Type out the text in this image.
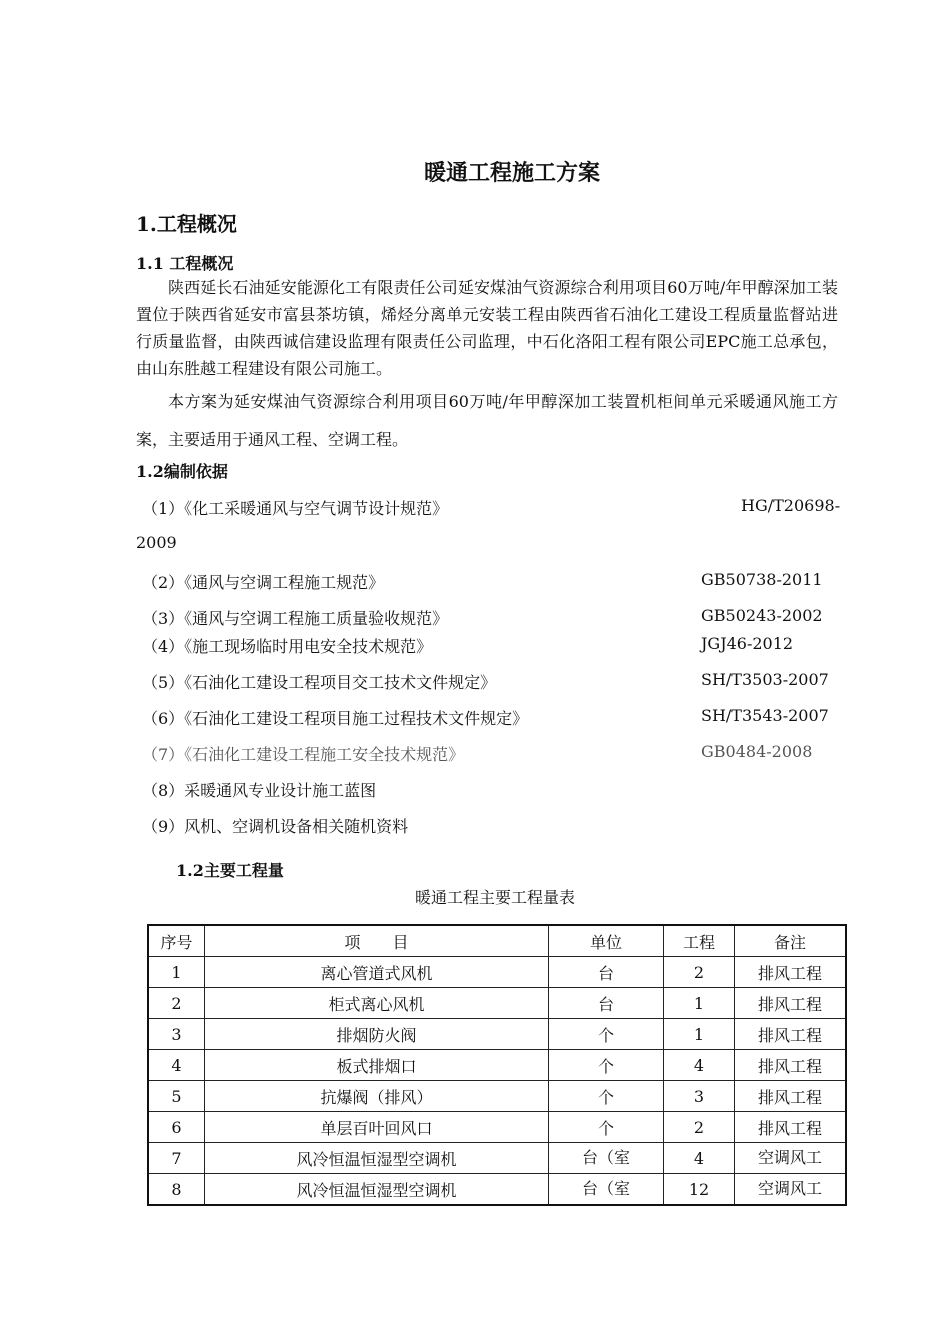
暖通工程施工方案
1.工程概况
1.1 工程概况
陕西延长石油延安能源化工有限责任公司延安煤油气资源综合利用项目60万吨/年甲醇深加工装置位于陕西省延安市富县茶坊镇，烯烃分离单元安装工程由陕西省石油化工建设工程质量监督站进行质量监督，由陕西诚信建设监理有限责任公司监理，中石化洛阳工程有限公司EPC施工总承包，由山东胜越工程建设有限公司施工。
本方案为延安煤油气资源综合利用项目60万吨/年甲醇深加工装置机柜间单元采暖通风施工方案，主要适用于通风工程、空调工程。
1.2编制依据
（1）《化工采暖通风与空气调节设计规范》	HG/T20698-
2009
（2）《通风与空调工程施工规范》	GB50738-2011
（3）《通风与空调工程施工质量验收规范》	GB50243-2002
（4）《施工现场临时用电安全技术规范》	JGJ46-2012
（5）《石油化工建设工程项目交工技术文件规定》	SH/T3503-2007
（6）《石油化工建设工程项目施工过程技术文件规定》	SH/T3543-2007
（7）《石油化工建设工程施工安全技术规范》	GB0484-2008
（8）采暖通风专业设计施工蓝图
（9）风机、空调机设备相关随机资料
1.2主要工程量
暖通工程主要工程量表
序号	项　　目	单位	工程	备注
1	离心管道式风机	台	2	排风工程
2	柜式离心风机	台	1	排风工程
3	排烟防火阀	个	1	排风工程
4	板式排烟口	个	4	排风工程
5	抗爆阀（排风）	个	3	排风工程
6	单层百叶回风口	个	2	排风工程
7	风冷恒温恒湿型空调机	台（室	4	空调风工

8	风冷恒温恒湿型空调机	台（室	12	空调风工
